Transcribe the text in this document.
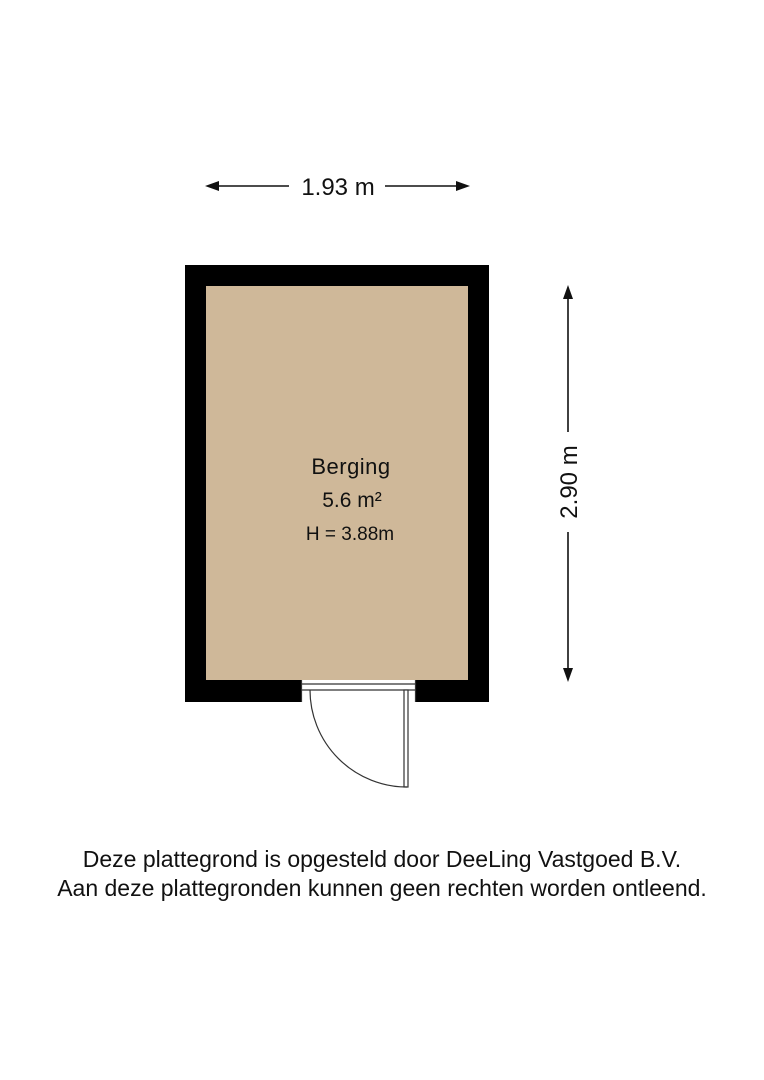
1.93 m
2.90 m
Berging
5.6 m²
H = 3.88m
Deze plattegrond is opgesteld door DeeLing Vastgoed B.V.
Aan deze plattegronden kunnen geen rechten worden ontleend.
